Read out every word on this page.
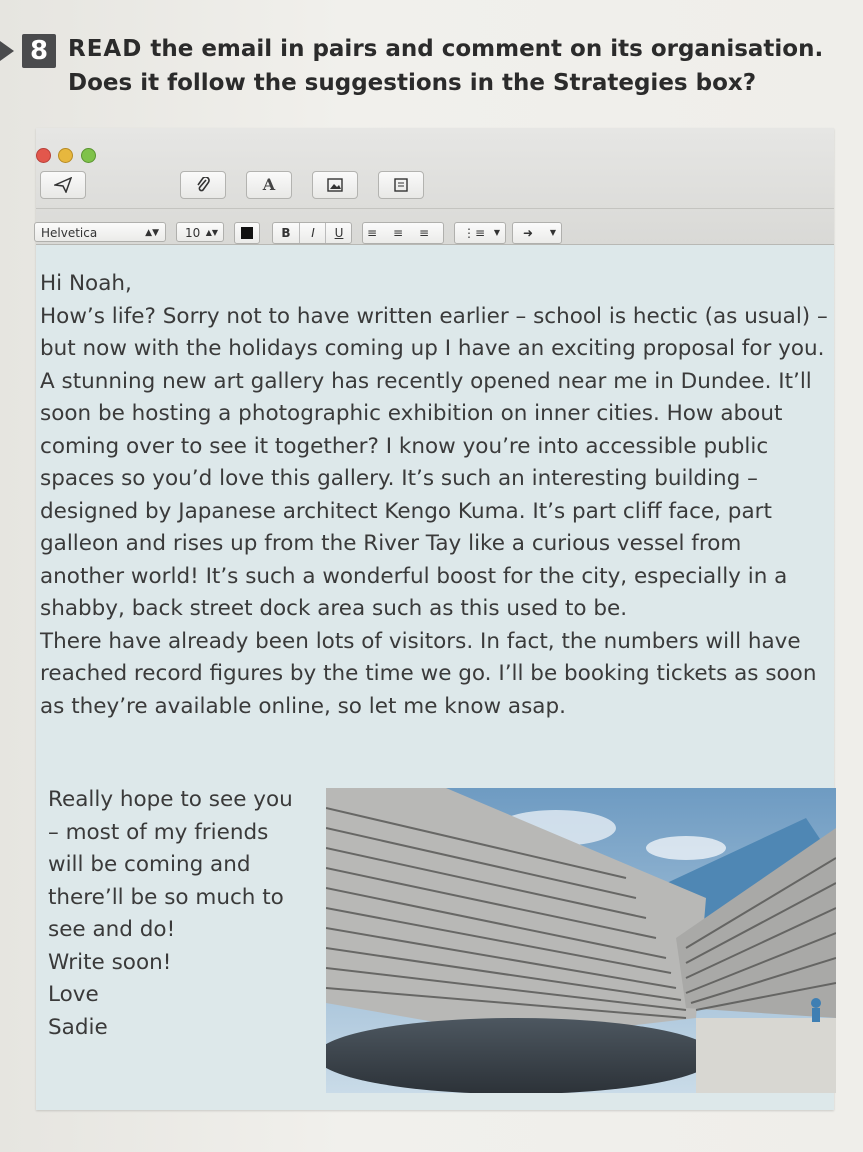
8 READ the email in pairs and comment on its organisation. Does it follow the suggestions in the Strategies box?
A
Helvetica	▲▼	10 ▲▼	B	I	U	≡ ≡ ≡	⋮≡ ▼ ➜ ▼

Hi Noah,

How’s life? Sorry not to have written earlier – school is hectic (as usual) – but now with the holidays coming up I have an exciting proposal for you.

A stunning new art gallery has recently opened near me in Dundee. It’ll soon be hosting a photographic exhibition on inner cities. How about coming over to see it together? I know you’re into accessible public spaces so you’d love this gallery. It’s such an interesting building – designed by Japanese architect Kengo Kuma. It’s part cliff face, part galleon and rises up from the River Tay like a curious vessel from another world! It’s such a wonderful boost for the city, especially in a shabby, back street dock area such as this used to be.

There have already been lots of visitors. In fact, the numbers will have reached record figures by the time we go. I’ll be booking tickets as soon as they’re available online, so let me know asap.

Really hope to see you

– most of my friends

will be coming and

there’ll be so much to

see and do!

Write soon!

Love

Sadie
